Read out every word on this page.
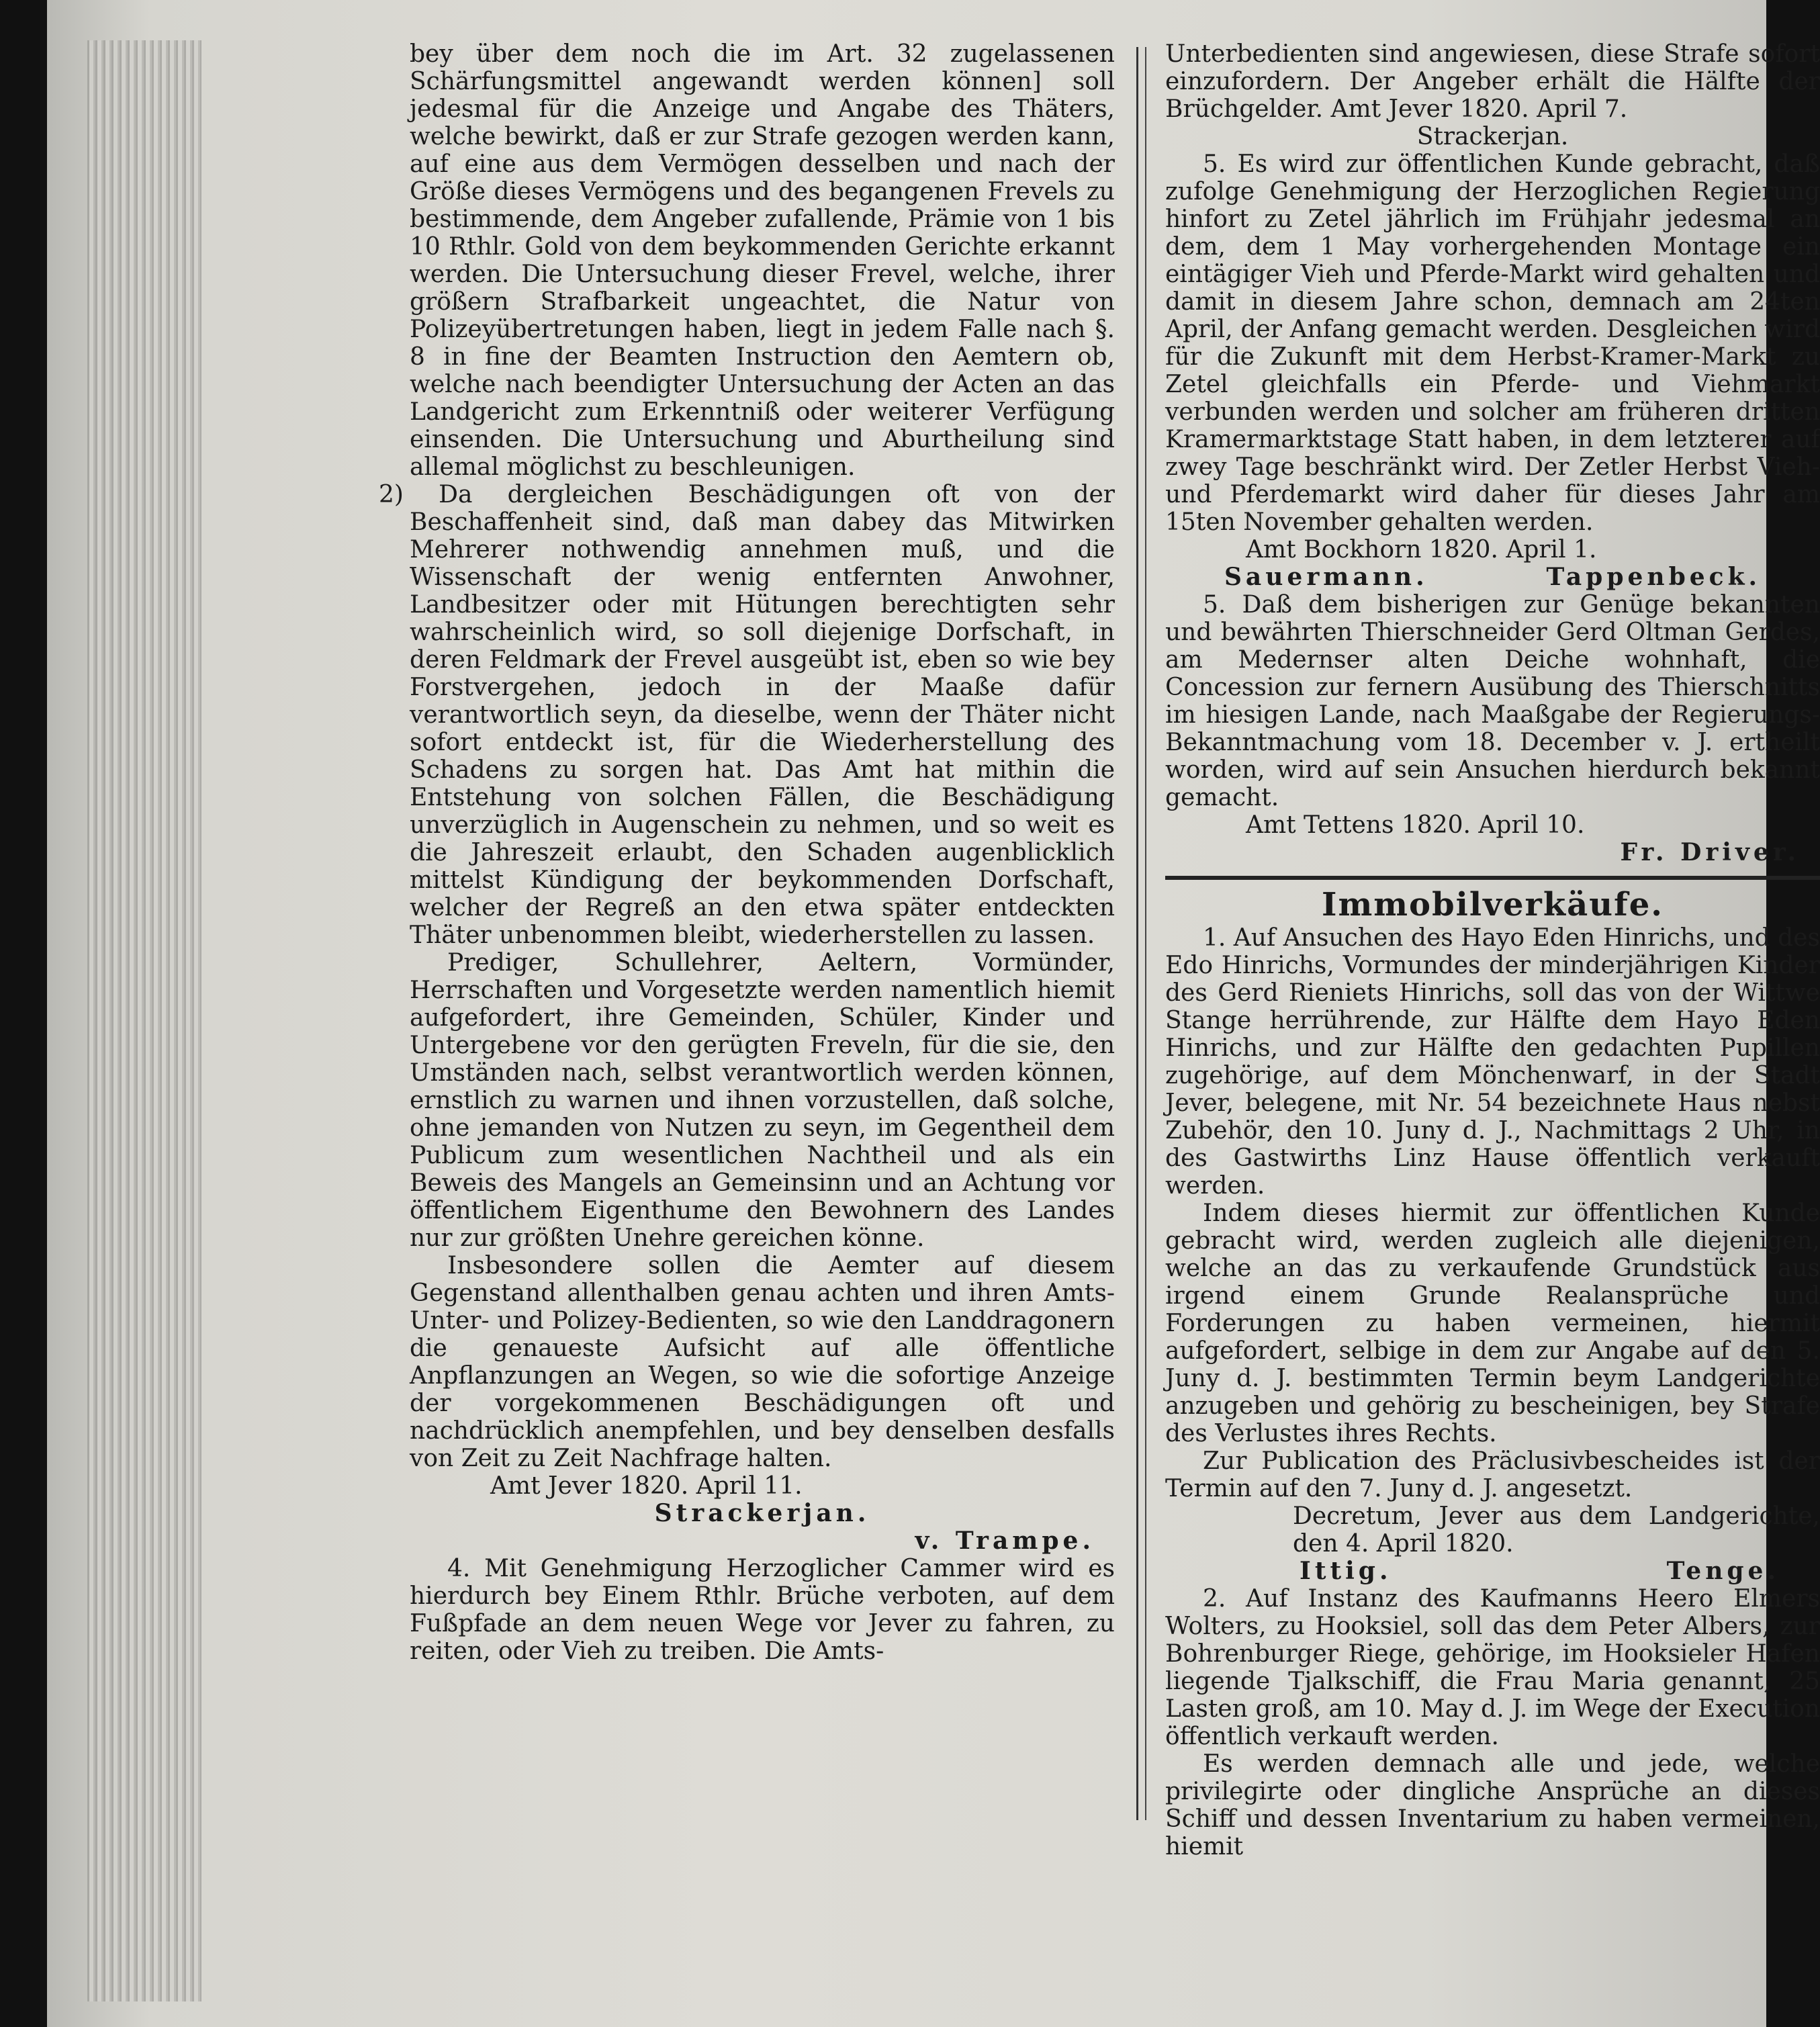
bey über dem noch die im Art. 32 zugelassenen Schärfungsmittel angewandt werden können] soll jedesmal für die Anzeige und Angabe des Thäters, welche bewirkt, daß er zur Strafe gezogen werden kann, auf eine aus dem Vermögen desselben und nach der Größe dieses Vermögens und des begangenen Frevels zu bestimmende, dem Angeber zufallende, Prämie von 1 bis 10 Rthlr. Gold von dem beykommenden Gerichte erkannt werden. Die Untersuchung dieser Frevel, welche, ihrer größern Strafbarkeit ungeachtet, die Natur von Polizeyübertretungen haben, liegt in jedem Falle nach §. 8 in fine der Beamten Instruction den Aemtern ob, welche nach beendigter Untersuchung der Acten an das Landgericht zum Erkenntniß oder weiterer Verfügung einsenden. Die Untersuchung und Aburtheilung sind allemal möglichst zu beschleunigen.

2) Da dergleichen Beschädigungen oft von der Beschaffenheit sind, daß man dabey das Mitwirken Mehrerer nothwendig annehmen muß, und die Wissenschaft der wenig entfernten Anwohner, Landbesitzer oder mit Hütungen berechtigten sehr wahrscheinlich wird, so soll diejenige Dorfschaft, in deren Feldmark der Frevel ausgeübt ist, eben so wie bey Forstvergehen, jedoch in der Maaße dafür verantwortlich seyn, da dieselbe, wenn der Thäter nicht sofort entdeckt ist, für die Wiederherstellung des Schadens zu sorgen hat. Das Amt hat mithin die Entstehung von solchen Fällen, die Beschädigung unverzüglich in Augenschein zu nehmen, und so weit es die Jahreszeit erlaubt, den Schaden augenblicklich mittelst Kündigung der beykommenden Dorfschaft, welcher der Regreß an den etwa später entdeckten Thäter unbenommen bleibt, wiederherstellen zu lassen.

Prediger, Schullehrer, Aeltern, Vormünder, Herrschaften und Vorgesetzte werden namentlich hiemit aufgefordert, ihre Gemeinden, Schüler, Kinder und Untergebene vor den gerügten Freveln, für die sie, den Umständen nach, selbst verantwortlich werden können, ernstlich zu warnen und ihnen vorzustellen, daß solche, ohne jemanden von Nutzen zu seyn, im Gegentheil dem Publicum zum wesentlichen Nachtheil und als ein Beweis des Mangels an Gemeinsinn und an Achtung vor öffentlichem Eigenthume den Bewohnern des Landes nur zur größten Unehre gereichen könne.

Insbesondere sollen die Aemter auf diesem Gegenstand allenthalben genau achten und ihren Amts-Unter- und Polizey-Bedienten, so wie den Landdragonern die genaueste Aufsicht auf alle öffentliche Anpflanzungen an Wegen, so wie die sofortige Anzeige der vorgekommenen Beschädigungen oft und nachdrücklich anempfehlen, und bey denselben desfalls von Zeit zu Zeit Nachfrage halten.

Amt Jever 1820. April 11.

Strackerjan.

v. Trampe.

4. Mit Genehmigung Herzoglicher Cammer wird es hierdurch bey Einem Rthlr. Brüche verboten, auf dem Fußpfade an dem neuen Wege vor Jever zu fahren, zu reiten, oder Vieh zu treiben. Die Amts-

Unterbedienten sind angewiesen, diese Strafe sofort einzufordern. Der Angeber erhält die Hälfte der Brüchgelder. Amt Jever 1820. April 7.

Strackerjan.

5. Es wird zur öffentlichen Kunde gebracht, daß zufolge Genehmigung der Herzoglichen Regierung hinfort zu Zetel jährlich im Frühjahr jedesmal an dem, dem 1 May vorhergehenden Montage ein eintägiger Vieh und Pferde-Markt wird gehalten und damit in diesem Jahre schon, demnach am 24ten April, der Anfang gemacht werden. Desgleichen wird für die Zukunft mit dem Herbst-Kramer-Markt zu Zetel gleichfalls ein Pferde- und Viehmarkt verbunden werden und solcher am früheren dritten Kramermarktstage Statt haben, in dem letzterer auf zwey Tage beschränkt wird. Der Zetler Herbst Vieh- und Pferdemarkt wird daher für dieses Jahr am 15ten November gehalten werden.

Amt Bockhorn 1820. April 1.

Sauermann.	Tappenbeck.

5. Daß dem bisherigen zur Genüge bekannten und bewährten Thierschneider Gerd Oltman Gerdes, am Medernser alten Deiche wohnhaft, die Concession zur fernern Ausübung des Thierschnitts im hiesigen Lande, nach Maaßgabe der Regierungs-Bekanntmachung vom 18. December v. J. ertheilt worden, wird auf sein Ansuchen hierdurch bekannt gemacht.

Amt Tettens 1820. April 10.

Fr. Driver.

Immobilverkäufe.

1. Auf Ansuchen des Hayo Eden Hinrichs, und des Edo Hinrichs, Vormundes der minderjährigen Kinder des Gerd Rieniets Hinrichs, soll das von der Wittwe Stange herrührende, zur Hälfte dem Hayo Eden Hinrichs, und zur Hälfte den gedachten Pupillen zugehörige, auf dem Mönchenwarf, in der Stadt Jever, belegene, mit Nr. 54 bezeichnete Haus nebst Zubehör, den 10. Juny d. J., Nachmittags 2 Uhr, in des Gastwirths Linz Hause öffentlich verkauft werden.

Indem dieses hiermit zur öffentlichen Kunde gebracht wird, werden zugleich alle diejenigen, welche an das zu verkaufende Grundstück aus irgend einem Grunde Realansprüche und Forderungen zu haben vermeinen, hiermit aufgefordert, selbige in dem zur Angabe auf den 5. Juny d. J. bestimmten Termin beym Landgerichte anzugeben und gehörig zu bescheinigen, bey Strafe des Verlustes ihres Rechts.

Zur Publication des Präclusivbescheides ist der Termin auf den 7. Juny d. J. angesetzt.

Decretum, Jever aus dem Landgerichte, den 4. April 1820.

Ittig.	Tenge.

2. Auf Instanz des Kaufmanns Heero Elmers Wolters, zu Hooksiel, soll das dem Peter Albers, zur Bohrenburger Riege, gehörige, im Hooksieler Hafen liegende Tjalkschiff, die Frau Maria genannt, 25 Lasten groß, am 10. May d. J. im Wege der Execution öffentlich verkauft werden.

Es werden demnach alle und jede, welche privilegirte oder dingliche Ansprüche an dieses Schiff und dessen Inventarium zu haben vermeinen, hiemit
